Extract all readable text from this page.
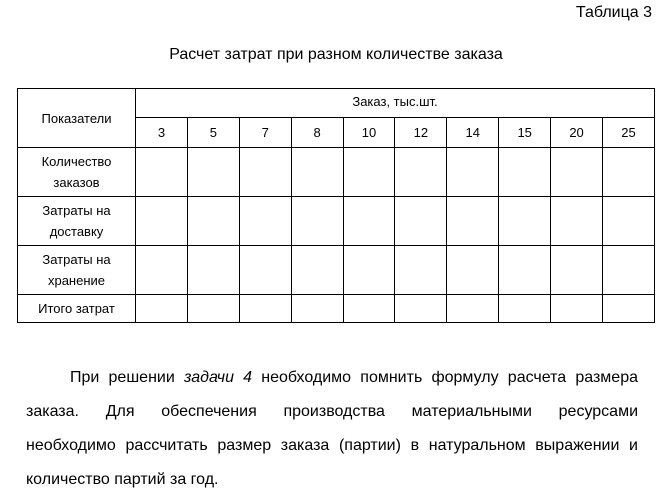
Таблица 3
Расчет затрат при разном количестве заказа
Показатели	Заказ, тыс.шт.									
	3	5	7	8	10	12	14	15	20	25
Количество заказов										
Затраты на доставку										
Затраты на хранение										
Итого затрат										
При решении задачи 4 необходимо помнить формулу расчета размера
заказа. Для обеспечения производства материальными ресурсами
необходимо рассчитать размер заказа (партии) в натуральном выражении и
количество партий за год.
